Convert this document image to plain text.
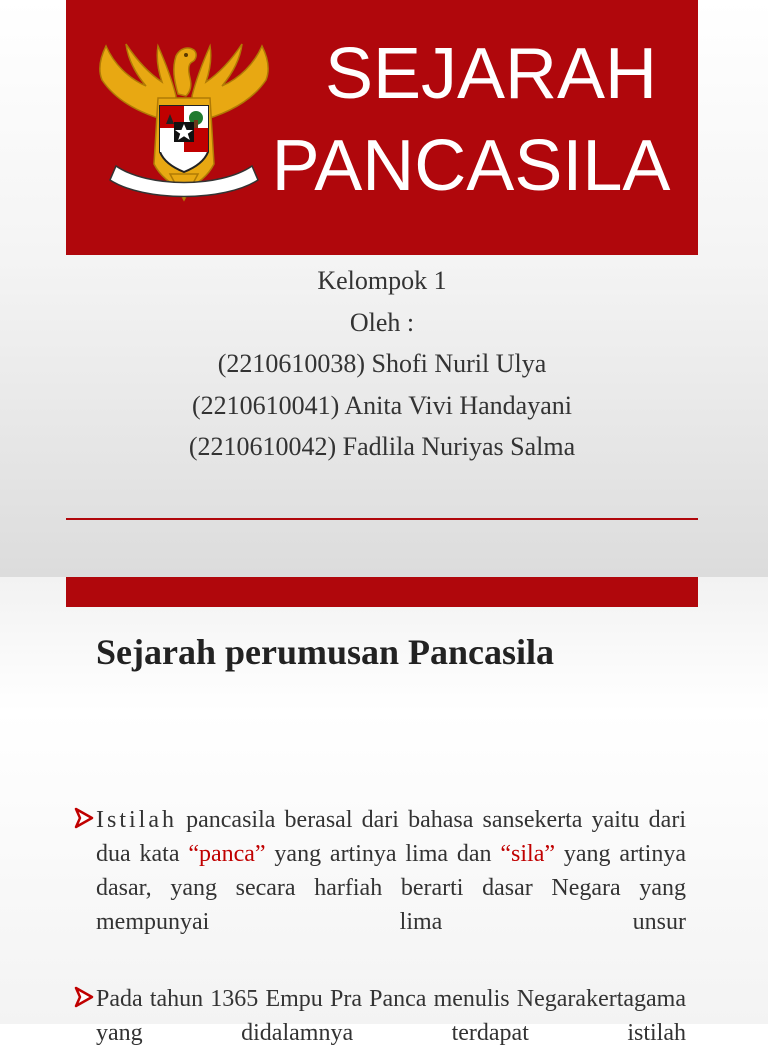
SEJARAH
PANCASILA
Kelompok 1
Oleh :
(2210610038) Shofi Nuril Ulya
(2210610041) Anita Vivi Handayani
(2210610042) Fadlila Nuriyas Salma
Sejarah perumusan Pancasila
Istilah pancasila berasal dari bahasa sansekerta yaitu dari dua kata “panca” yang artinya lima dan “sila” yang artinya dasar, yang secara harfiah berarti dasar Negara yang mempunyai lima unsur
Pada tahun 1365 Empu Pra Panca menulis Negarakertagama yang didalamnya terdapat istilah
